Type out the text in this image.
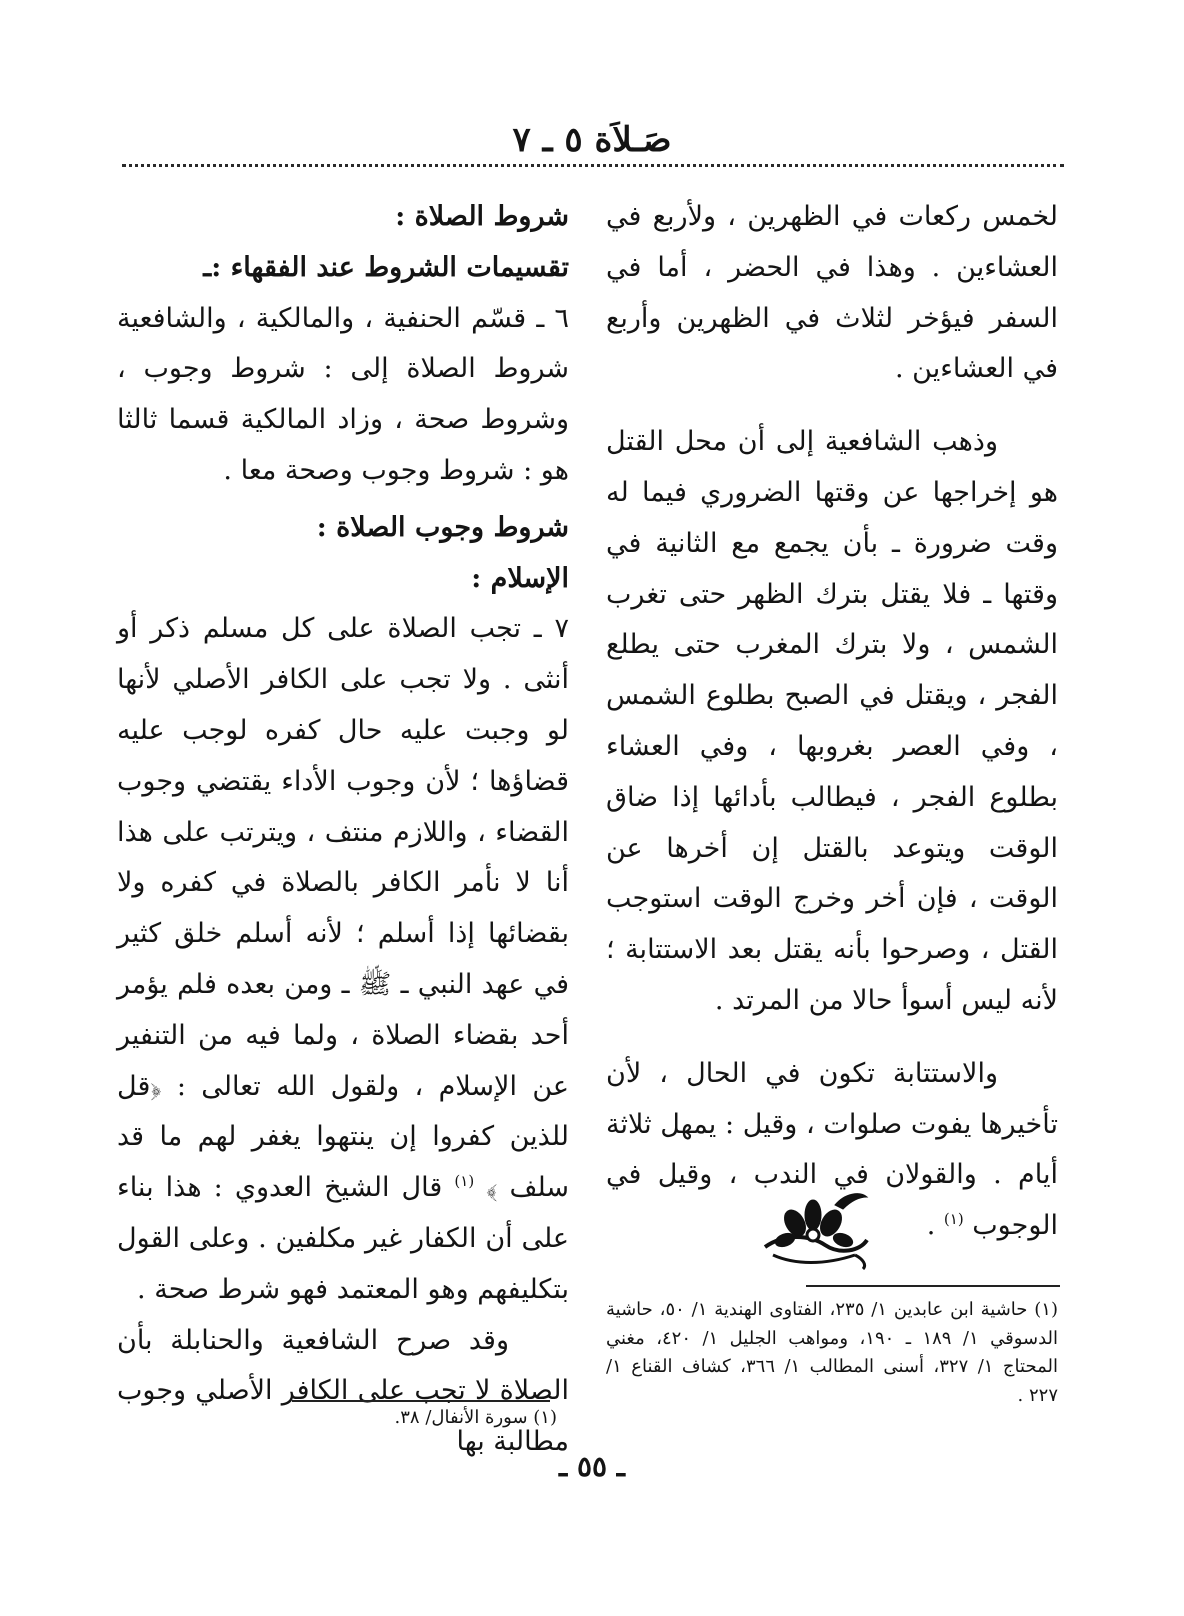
صَـلاَة ٥ ـ ٧

لخمس ركعات في الظهرين ، ولأربع في العشاءين . وهذا في الحضر ، أما في السفر فيؤخر لثلاث في الظهرين وأربع في العشاءين .

وذهب الشافعية إلى أن محل القتل هو إخراجها عن وقتها الضروري فيما له وقت ضرورة ـ بأن يجمع مع الثانية في وقتها ـ فلا يقتل بترك الظهر حتى تغرب الشمس ، ولا بترك المغرب حتى يطلع الفجر ، ويقتل في الصبح بطلوع الشمس ، وفي العصر بغروبها ، وفي العشاء بطلوع الفجر ، فيطالب بأدائها إذا ضاق الوقت ويتوعد بالقتل إن أخرها عن الوقت ، فإن أخر وخرج الوقت استوجب القتل ، وصرحوا بأنه يقتل بعد الاستتابة ؛ لأنه ليس أسوأ حالا من المرتد .

والاستتابة تكون في الحال ، لأن تأخيرها يفوت صلوات ، وقيل : يمهل ثلاثة أيام . والقولان في الندب ، وقيل في الوجوب $^{(١)}$ .

شروط الصلاة :

تقسيمات الشروط عند الفقهاء :ـ

٦ ـ قسّم الحنفية ، والمالكية ، والشافعية شروط الصلاة إلى : شروط وجوب ، وشروط صحة ، وزاد المالكية قسما ثالثا هو : شروط وجوب وصحة معا .

شروط وجوب الصلاة :

الإسلام :

٧ ـ تجب الصلاة على كل مسلم ذكر أو أنثى . ولا تجب على الكافر الأصلي لأنها لو وجبت عليه حال كفره لوجب عليه قضاؤها ؛ لأن وجوب الأداء يقتضي وجوب القضاء ، واللازم منتف ، ويترتب على هذا أنا لا نأمر الكافر بالصلاة في كفره ولا بقضائها إذا أسلم ؛ لأنه أسلم خلق كثير في عهد النبي ـ ﷺ ـ ومن بعده فلم يؤمر أحد بقضاء الصلاة ، ولما فيه من التنفير عن الإسلام ، ولقول الله تعالى : ﴿قل للذين كفروا إن ينتهوا يغفر لهم ما قد سلف ﴾ $^{(١)}$ قال الشيخ العدوي : هذا بناء على أن الكفار غير مكلفين . وعلى القول بتكليفهم وهو المعتمد فهو شرط صحة .

وقد صرح الشافعية والحنابلة بأن الصلاة لا تجب على الكافر الأصلي وجوب مطالبة بها

(١) حاشية ابن عابدين ١/ ٢٣٥، الفتاوى الهندية ١/ ٥٠، حاشية الدسوقي ١/ ١٨٩ ـ ١٩٠، ومواهب الجليل ١/ ٤٢٠، مغني المحتاج ١/ ٣٢٧، أسنى المطالب ١/ ٣٦٦، كشاف القناع ١/ ٢٢٧ .
(١) سورة الأنفال/ ٣٨.
ـ ٥٥ ـ
